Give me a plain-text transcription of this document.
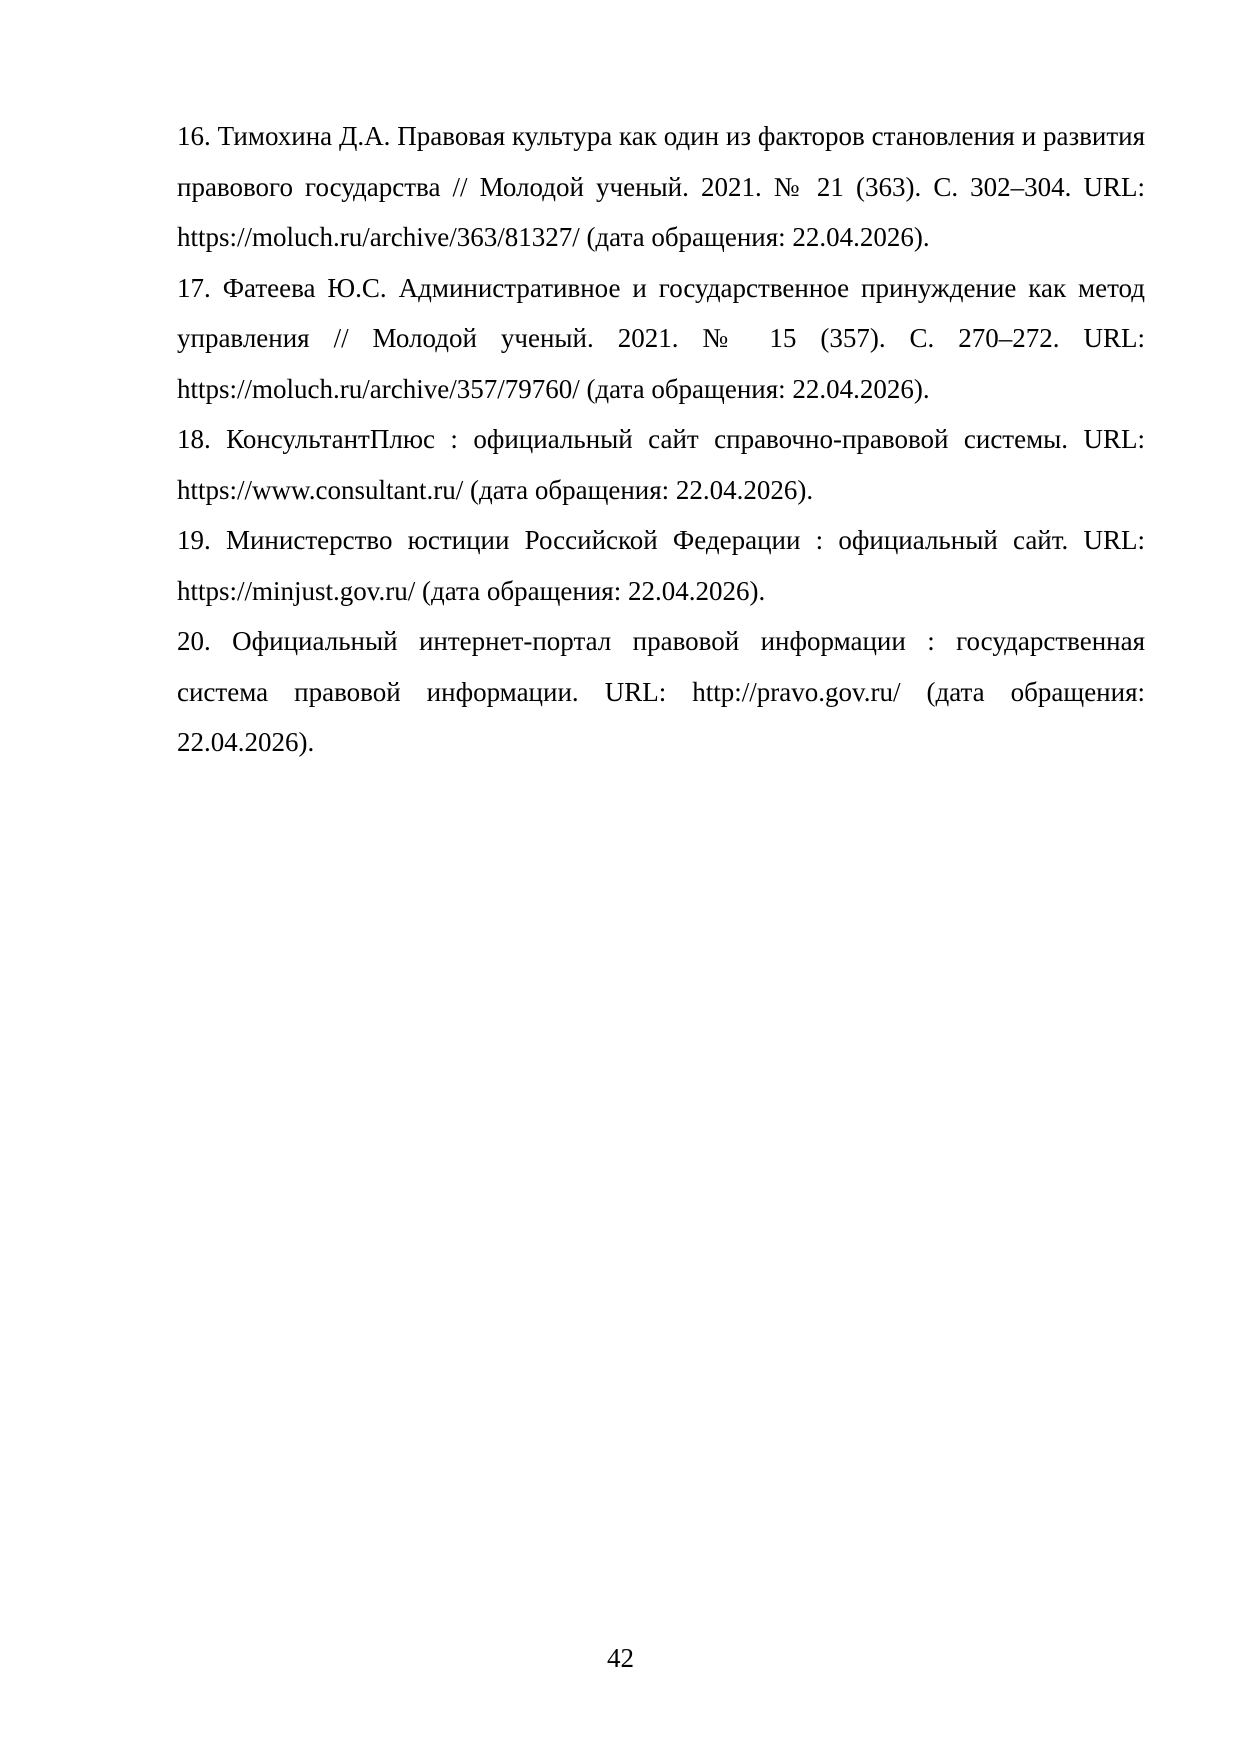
16. Тимохина Д.А. Правовая культура как один из факторов становления и развития правового государства // Молодой ученый. 2021. № 21 (363). С. 302–304. URL: https://moluch.ru/archive/363/81327/ (дата обращения: 22.04.2026).
17. Фатеева Ю.С. Административное и государственное принуждение как метод управления // Молодой ученый. 2021. № 15 (357). С. 270–272. URL: https://moluch.ru/archive/357/79760/ (дата обращения: 22.04.2026).
18. КонсультантПлюс : официальный сайт справочно-правовой системы. URL: https://www.consultant.ru/ (дата обращения: 22.04.2026).
19. Министерство юстиции Российской Федерации : официальный сайт. URL: https://minjust.gov.ru/ (дата обращения: 22.04.2026).
20. Официальный интернет-портал правовой информации : государственная система правовой информации. URL: http://pravo.gov.ru/ (дата обращения: 22.04.2026).
42
